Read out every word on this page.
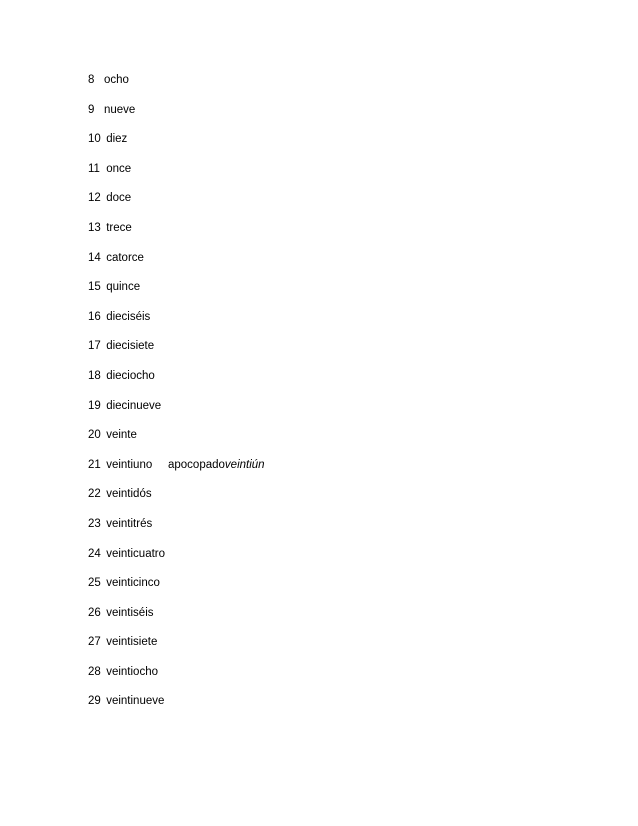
8 ocho
9 nueve
10 diez
11 once
12 doce
13 trece
14 catorce
15 quince
16 dieciséis
17 diecisiete
18 dieciocho
19 diecinueve
20 veinte
21 veintiuno apocopadoveintiún
22 veintidós
23 veintitrés
24 veinticuatro
25 veinticinco
26 veintiséis
27 veintisiete
28 veintiocho
29 veintinueve
